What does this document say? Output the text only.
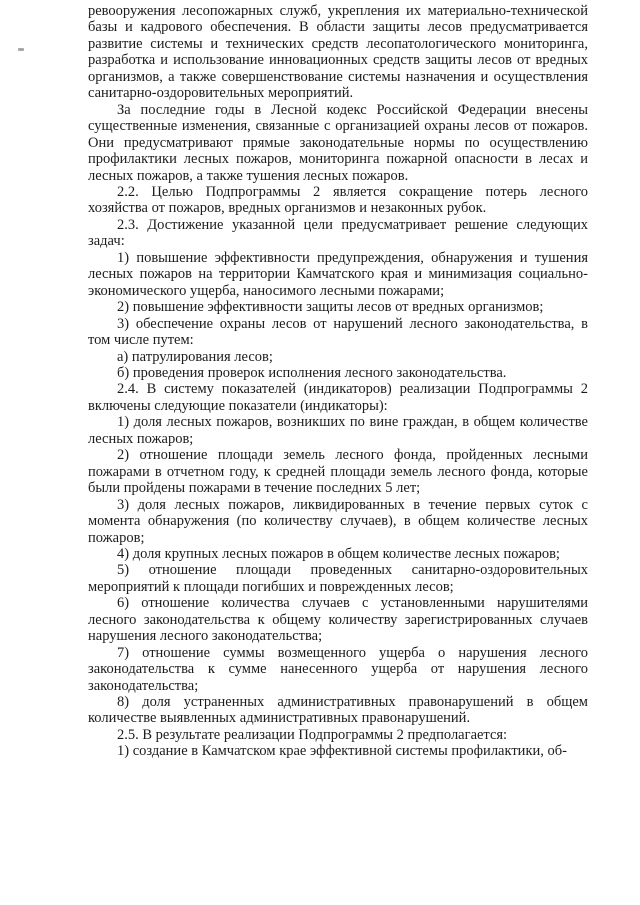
ревооружения лесопожарных служб, укрепления их материально-технической базы и кадрового обеспечения. В области защиты лесов предусматривается развитие системы и технических средств лесопатологического мониторинга, разработка и использование инновационных средств защиты лесов от вредных организмов, а также совершенствование системы назначения и осуществления санитарно-оздоровительных мероприятий.

За последние годы в Лесной кодекс Российской Федерации внесены существенные изменения, связанные с организацией охраны лесов от пожаров. Они предусматривают прямые законодательные нормы по осуществлению профилактики лесных пожаров, мониторинга пожарной опасности в лесах и лесных пожаров, а также тушения лесных пожаров.

2.2. Целью Подпрограммы 2 является сокращение потерь лесного хозяйства от пожаров, вредных организмов и незаконных рубок.

2.3. Достижение указанной цели предусматривает решение следующих задач:

1) повышение эффективности предупреждения, обнаружения и тушения лесных пожаров на территории Камчатского края и минимизация социально-экономического ущерба, наносимого лесными пожарами;

2) повышение эффективности защиты лесов от вредных организмов;

3) обеспечение охраны лесов от нарушений лесного законодательства, в том числе путем:

а) патрулирования лесов;

б) проведения проверок исполнения лесного законодательства.

2.4. В систему показателей (индикаторов) реализации Подпрограммы 2 включены следующие показатели (индикаторы):

1) доля лесных пожаров, возникших по вине граждан, в общем количестве лесных пожаров;

2) отношение площади земель лесного фонда, пройденных лесными пожарами в отчетном году, к средней площади земель лесного фонда, которые были пройдены пожарами в течение последних 5 лет;

3) доля лесных пожаров, ликвидированных в течение первых суток с момента обнаружения (по количеству случаев), в общем количестве лесных пожаров;

4) доля крупных лесных пожаров в общем количестве лесных пожаров;

5) отношение площади проведенных санитарно-оздоровительных мероприятий к площади погибших и поврежденных лесов;

6) отношение количества случаев с установленными нарушителями лесного законодательства к общему количеству зарегистрированных случаев нарушения лесного законодательства;

7) отношение суммы возмещенного ущерба о нарушения лесного законодательства к сумме нанесенного ущерба от нарушения лесного законодательства;

8) доля устраненных административных правонарушений в общем количестве выявленных административных правонарушений.

2.5. В результате реализации Подпрограммы 2 предполагается:

1) создание в Камчатском крае эффективной системы профилактики, об-
